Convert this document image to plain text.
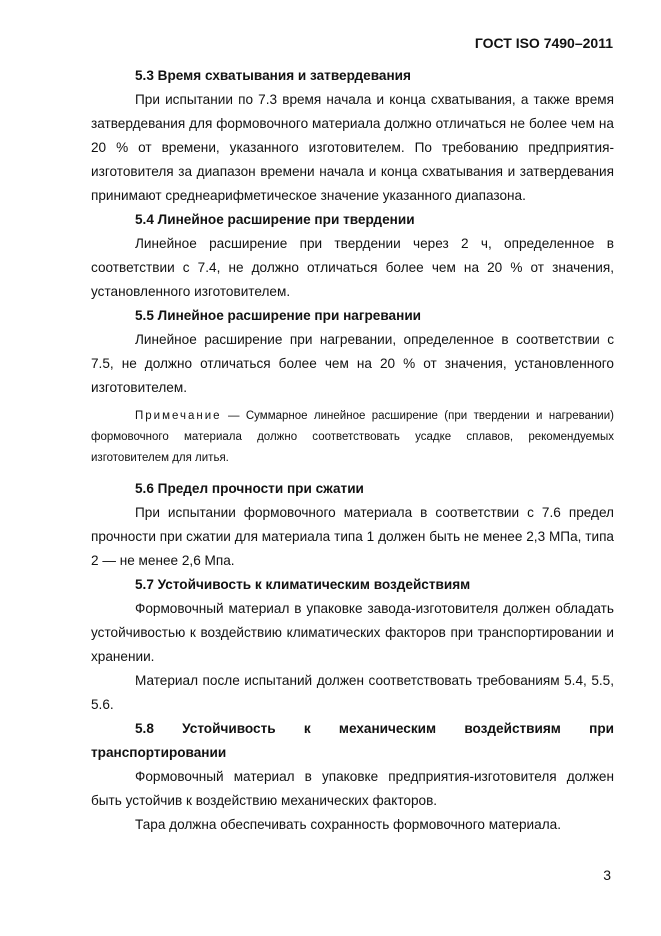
ГОСТ ISO 7490–2011

5.3 Время схватывания и затвердевания

При испытании по 7.3 время начала и конца схватывания, а также время затвердевания для формовочного материала должно отличаться не более чем на 20 % от времени, указанного изготовителем. По требованию предприятия-изготовителя за диапазон времени начала и конца схватывания и затвердевания принимают среднеарифметическое значение указанного диапазона.

5.4 Линейное расширение при твердении

Линейное расширение при твердении через 2 ч, определенное в соответствии с 7.4, не должно отличаться более чем на 20 % от значения, установленного изготовителем.

5.5 Линейное расширение при нагревании

Линейное расширение при нагревании, определенное в соответствии с 7.5, не должно отличаться более чем на 20 % от значения, установленного изготовителем.

Примечание — Суммарное линейное расширение (при твердении и нагревании) формовочного материала должно соответствовать усадке сплавов, рекомендуемых изготовителем для литья.

5.6 Предел прочности при сжатии

При испытании формовочного материала в соответствии с 7.6 предел прочности при сжатии для материала типа 1 должен быть не менее 2,3 МПа, типа 2 — не менее 2,6 Мпа.

5.7 Устойчивость к климатическим воздействиям

Формовочный материал в упаковке завода-изготовителя должен обладать устойчивостью к воздействию климатических факторов при транспортировании и хранении.

Материал после испытаний должен соответствовать требованиям 5.4, 5.5, 5.6.

5.8 Устойчивость к механическим воздействиям при

транспортировании

Формовочный материал в упаковке предприятия-изготовителя должен быть устойчив к воздействию механических факторов.

Тара должна обеспечивать сохранность формовочного материала.

3
